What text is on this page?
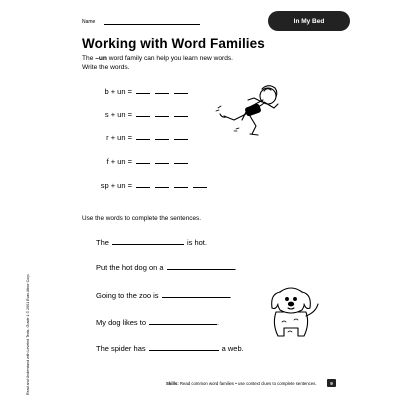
Name	In My Bed
Working with Word Families
The –un word family can help you learn new words.
Write the words.
b + un =
s + un =
r + un =
f + un =
sp + un =
Use the words to complete the sentences.
The	is hot.
Put the hot dog on a	.
Going to the zoo is	.
My dog likes to	.
The spider has	a web.
Read and Understand with Leveled Texts, Grade 1 © 2001 Evan-Moor Corp.	Skills: Read common word families • use context clues to complete sentences.	9
